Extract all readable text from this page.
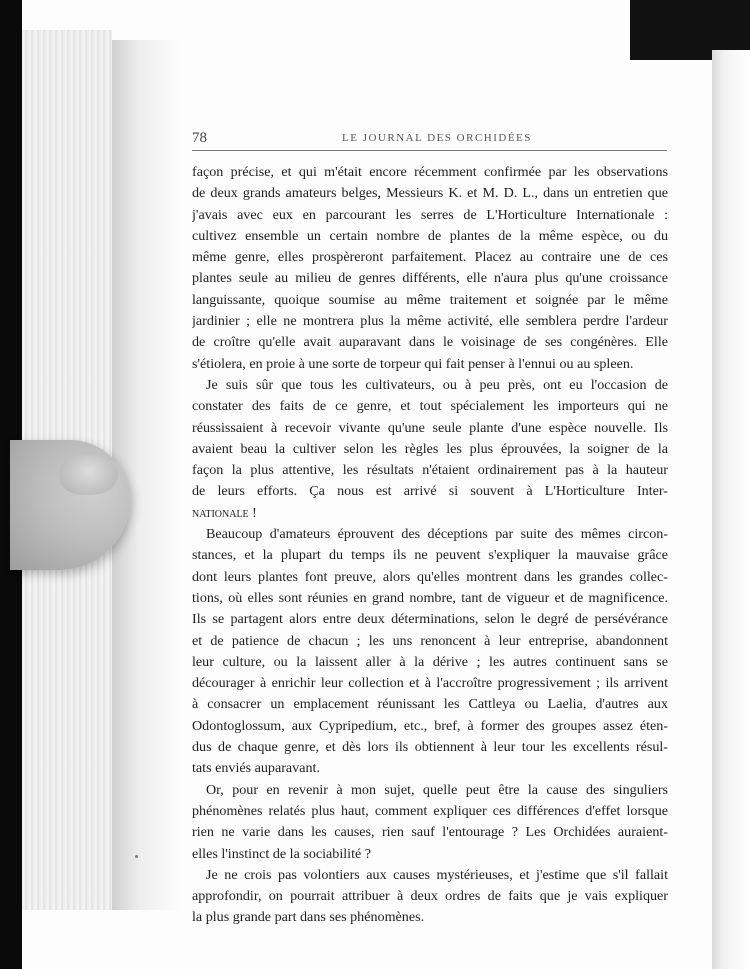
78	LE JOURNAL DES ORCHIDÉES
façon précise, et qui m'était encore récemment confirmée par les observations
de deux grands amateurs belges, Messieurs K. et M. D. L., dans un entretien que
j'avais avec eux en parcourant les serres de L'Horticulture Internationale :
cultivez ensemble un certain nombre de plantes de la même espèce, ou du
même genre, elles prospèreront parfaitement. Placez au contraire une de ces
plantes seule au milieu de genres différents, elle n'aura plus qu'une croissance
languissante, quoique soumise au même traitement et soignée par le même
jardinier ; elle ne montrera plus la même activité, elle semblera perdre l'ardeur
de croître qu'elle avait auparavant dans le voisinage de ses congénères. Elle
s'étiolera, en proie à une sorte de torpeur qui fait penser à l'ennui ou au spleen.
Je suis sûr que tous les cultivateurs, ou à peu près, ont eu l'occasion de
constater des faits de ce genre, et tout spécialement les importeurs qui ne
réussissaient à recevoir vivante qu'une seule plante d'une espèce nouvelle. Ils
avaient beau la cultiver selon les règles les plus éprouvées, la soigner de la
façon la plus attentive, les résultats n'étaient ordinairement pas à la hauteur
de leurs efforts. Ça nous est arrivé si souvent à L'Horticulture Inter-
nationale !
Beaucoup d'amateurs éprouvent des déceptions par suite des mêmes circon-
stances, et la plupart du temps ils ne peuvent s'expliquer la mauvaise grâce
dont leurs plantes font preuve, alors qu'elles montrent dans les grandes collec-
tions, où elles sont réunies en grand nombre, tant de vigueur et de magnificence.
Ils se partagent alors entre deux déterminations, selon le degré de persévérance
et de patience de chacun ; les uns renoncent à leur entreprise, abandonnent
leur culture, ou la laissent aller à la dérive ; les autres continuent sans se
décourager à enrichir leur collection et à l'accroître progressivement ; ils arrivent
à consacrer un emplacement réunissant les Cattleya ou Laelia, d'autres aux
Odontoglossum, aux Cypripedium, etc., bref, à former des groupes assez éten-
dus de chaque genre, et dès lors ils obtiennent à leur tour les excellents résul-
tats enviés auparavant.
Or, pour en revenir à mon sujet, quelle peut être la cause des singuliers
phénomènes relatés plus haut, comment expliquer ces différences d'effet lorsque
rien ne varie dans les causes, rien sauf l'entourage ? Les Orchidées auraient-
elles l'instinct de la sociabilité ?
Je ne crois pas volontiers aux causes mystérieuses, et j'estime que s'il fallait
approfondir, on pourrait attribuer à deux ordres de faits que je vais expliquer
la plus grande part dans ses phénomènes.
